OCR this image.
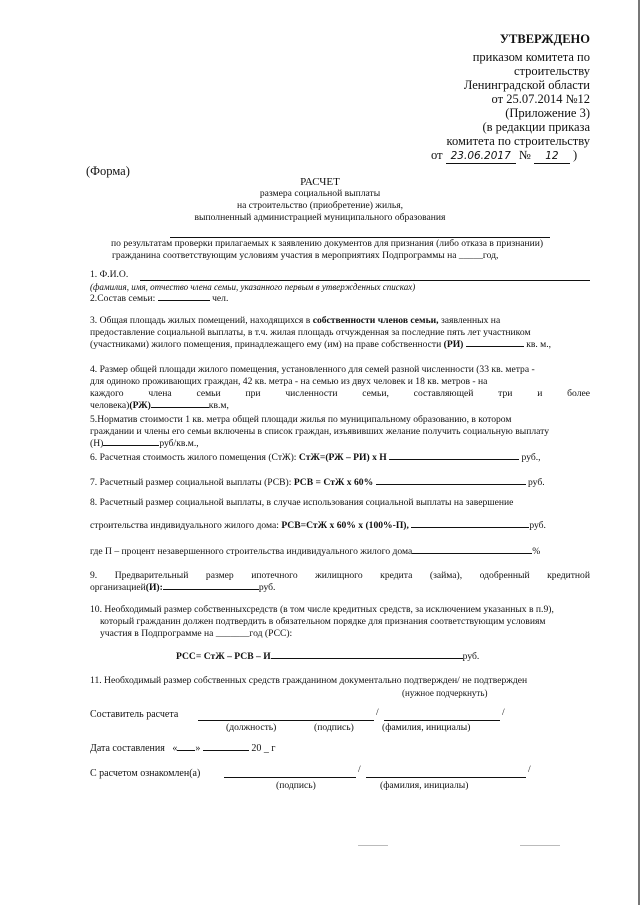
УТВЕРЖДЕНО
приказом комитета по
строительству
Ленинградской области
от 25.07.2014 №12
(Приложение 3)
(в редакции приказа
комитета по строительству
от 23.06.2017 № 12 )
(Форма)
РАСЧЕТ
размера социальной выплаты
на строительство (приобретение) жилья,
выполненный администрацией муниципального образования
по результатам проверки прилагаемых к заявлению документов для признания (либо отказа в признании)
гражданина соответствующим условиям участия в мероприятиях Подпрограммы на _____год,
1. Ф.И.О.
(фамилия, имя, отчество члена семьи, указанного первым в утвержденных списках)
2.Состав семьи:	чел.
3. Общая площадь жилых помещений, находящихся в собственности членов семьи, заявленных на
предоставление социальной выплаты, в т.ч. жилая площадь отчужденная за последние пять лет участником
(участниками) жилого помещения, принадлежащего ему (им) на праве собственности (РИ)	кв. м.,
4. Размер общей площади жилого помещения, установленного для семей разной численности (33 кв. метра -
для одиноко проживающих граждан, 42 кв. метра - на семью из двух человек и 18 кв. метров - на
каждого члена семьи при численности семьи, составляющей три и более
человека)(РЖ)	кв.м,
5.Норматив стоимости 1 кв. метра общей площади жилья по муниципальному образованию, в котором
граждании и члены его семьи включены в список граждан, изъявивших желание получить социальную выплату
(Н)	руб/кв.м.,
6. Расчетная стоимость жилого помещения (СтЖ): СтЖ=(РЖ – РИ) х Н	руб.,
7. Расчетный размер социальной выплаты (РСВ): РСВ = СтЖ х 60%	руб.
8. Расчетный размер социальной выплаты, в случае использования социальной выплаты на завершение
строительства индивидуального жилого дома: РСВ=СтЖ х 60% х (100%-П),	руб.
где П – процент незавершенного строительства индивидуального жилого дома	%
9. Предварительный размер ипотечного жилищного кредита (займа), одобренный кредитной
организацией(И):	руб.
10. Необходимый размер собственныхсредств (в том числе кредитных средств, за исключением указанных в п.9),
который гражданин должен подтвердить в обязательном порядке для признания соответствующим условиям
участия в Подпрограмме на _______год (РСС):
РСС= СтЖ – РСВ – И	руб.
11. Необходимый размер собственных средств гражданином документально подтвержден/ не подтвержден
(нужное подчеркнуть)
Составитель расчета	/	/
(должность)	(подпись)	(фамилия, инициалы)
Дата составления « »	20 _ г
С расчетом ознакомлен(а)	/	/
(подпись)	(фамилия, инициалы)
